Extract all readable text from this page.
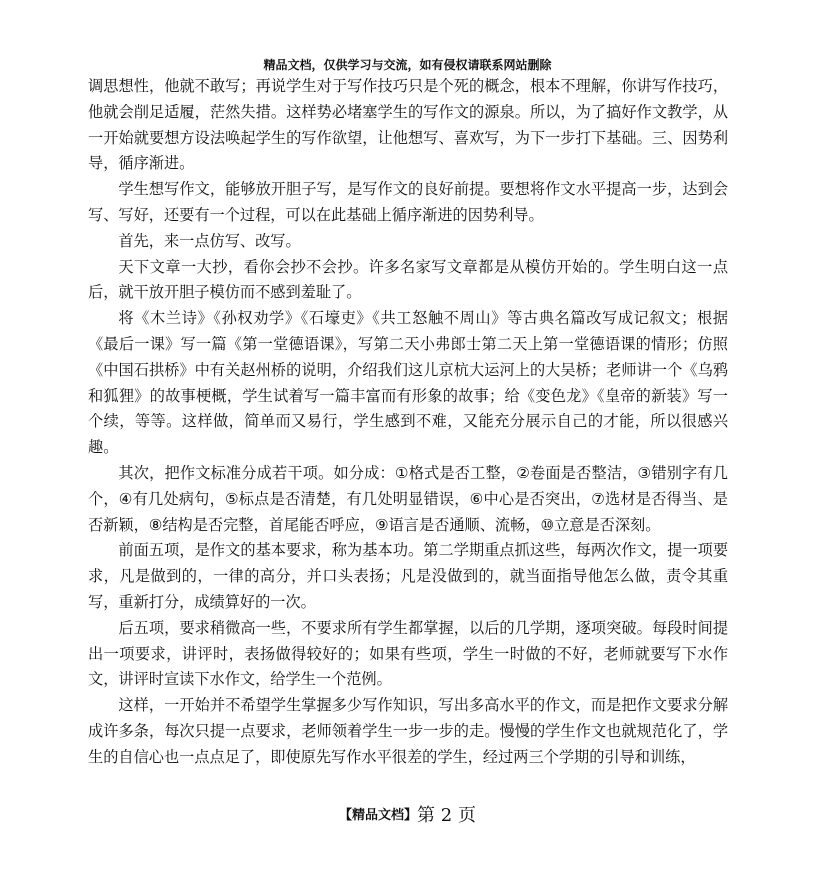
精品文档，仅供学习与交流，如有侵权请联系网站删除

调思想性，他就不敢写；再说学生对于写作技巧只是个死的概念，根本不理解，你讲写作技巧，他就会削足适履，茫然失措。这样势必堵塞学生的写作文的源泉。所以，为了搞好作文教学，从一开始就要想方设法唤起学生的写作欲望，让他想写、喜欢写，为下一步打下基础。三、因势利导，循序渐进。

学生想写作文，能够放开胆子写，是写作文的良好前提。要想将作文水平提高一步，达到会写、写好，还要有一个过程，可以在此基础上循序渐进的因势利导。

首先，来一点仿写、改写。

天下文章一大抄，看你会抄不会抄。许多名家写文章都是从模仿开始的。学生明白这一点后，就干放开胆子模仿而不感到羞耻了。

将《木兰诗》《孙权劝学》《石壕吏》《共工怒触不周山》等古典名篇改写成记叙文；根据《最后一课》写一篇《第一堂德语课》，写第二天小弗郎士第二天上第一堂德语课的情形；仿照《中国石拱桥》中有关赵州桥的说明，介绍我们这儿京杭大运河上的大吴桥；老师讲一个《乌鸦和狐狸》的故事梗概，学生试着写一篇丰富而有形象的故事；给《变色龙》《皇帝的新装》写一个续，等等。这样做，简单而又易行，学生感到不难，又能充分展示自己的才能，所以很感兴趣。

其次，把作文标准分成若干项。如分成：①格式是否工整，②卷面是否整洁，③错别字有几个，④有几处病句，⑤标点是否清楚，有几处明显错误，⑥中心是否突出，⑦选材是否得当、是否新颖，⑧结构是否完整，首尾能否呼应，⑨语言是否通顺、流畅，⑩立意是否深刻。

前面五项，是作文的基本要求，称为基本功。第二学期重点抓这些，每两次作文，提一项要求，凡是做到的，一律的高分，并口头表扬；凡是没做到的，就当面指导他怎么做，责令其重写，重新打分，成绩算好的一次。

后五项，要求稍微高一些，不要求所有学生都掌握，以后的几学期，逐项突破。每段时间提出一项要求，讲评时，表扬做得较好的；如果有些项，学生一时做的不好，老师就要写下水作文，讲评时宣读下水作文，给学生一个范例。

这样，一开始并不希望学生掌握多少写作知识，写出多高水平的作文，而是把作文要求分解成许多条，每次只提一点要求，老师领着学生一步一步的走。慢慢的学生作文也就规范化了，学生的自信心也一点点足了，即使原先写作水平很差的学生，经过两三个学期的引导和训练，

【精品文档】第 2 页
